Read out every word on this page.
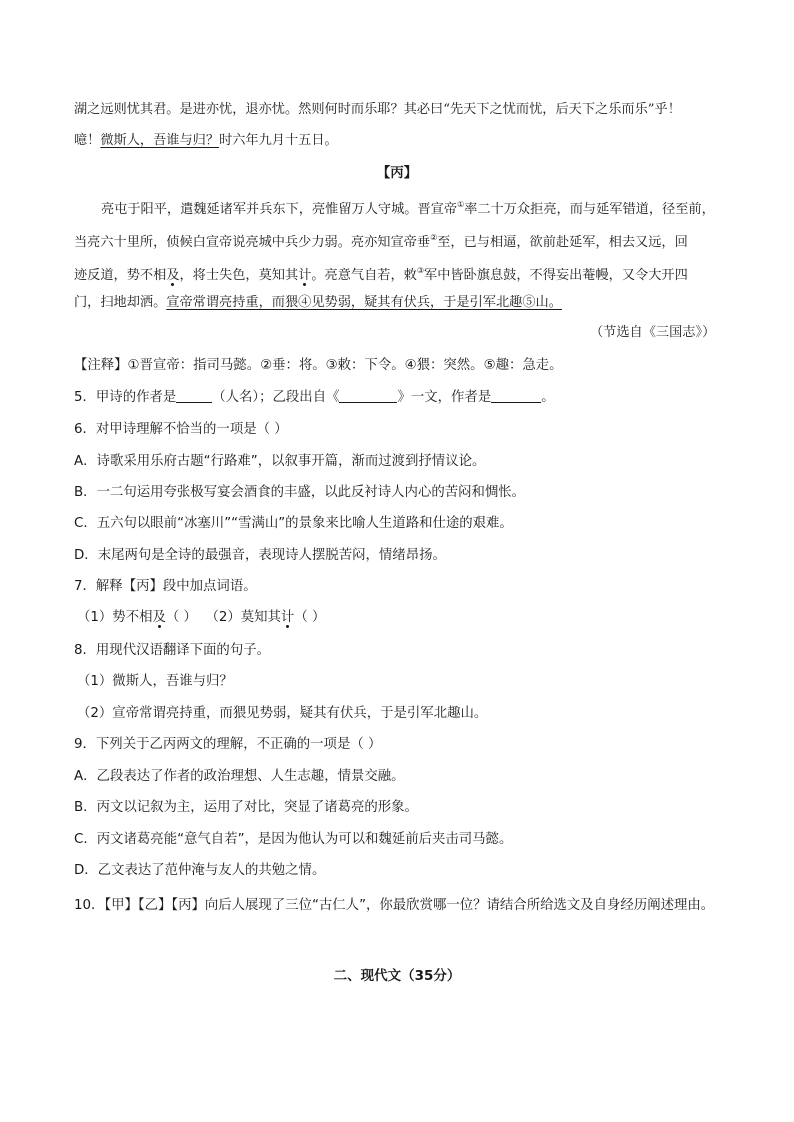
湖之远则忧其君。是进亦忧，退亦忧。然则何时而乐耶？其必曰“先天下之忧而忧，后天下之乐而乐”乎！
噫！微斯人，吾谁与归？时六年九月十五日。
【丙】
亮屯于阳平，遣魏延诸军并兵东下，亮惟留万人守城。晋宣帝①率二十万众拒亮，而与延军错道，径至前，
当亮六十里所，侦候白宣帝说亮城中兵少力弱。亮亦知宣帝垂②至，已与相逼，欲前赴延军，相去又远，回
迹反道，势不相及，将士失色，莫知其计。亮意气自若，敕③军中皆卧旗息鼓，不得妄出菴幔，又令大开四
门，扫地却洒。宣帝常谓亮持重，而猥④见势弱，疑其有伏兵，于是引军北趣⑤山。
（节选自《三国志》）
【注释】①晋宣帝：指司马懿。②垂：将。③敕：下令。④猥：突然。⑤趣：急走。
5．甲诗的作者是	（人名）；乙段出自《	》一文，作者是	。
6．对甲诗理解不恰当的一项是（ ）
A．诗歌采用乐府古题“行路难”，以叙事开篇，渐而过渡到抒情议论。
B．一二句运用夸张极写宴会酒食的丰盛，以此反衬诗人内心的苦闷和惆怅。
C．五六句以眼前“冰塞川”“雪满山”的景象来比喻人生道路和仕途的艰难。
D．末尾两句是全诗的最强音，表现诗人摆脱苦闷，情绪昂扬。
7．解释【丙】段中加点词语。
（1）势不相及（ ） （2）莫知其计（ ）
8．用现代汉语翻译下面的句子。
（1）微斯人，吾谁与归？
（2）宣帝常谓亮持重，而猥见势弱，疑其有伏兵，于是引军北趣山。
9．下列关于乙丙两文的理解，不正确的一项是（ ）
A．乙段表达了作者的政治理想、人生志趣，情景交融。
B．丙文以记叙为主，运用了对比，突显了诸葛亮的形象。
C．丙文诸葛亮能“意气自若”，是因为他认为可以和魏延前后夹击司马懿。
D．乙文表达了范仲淹与友人的共勉之情。
10．【甲】【乙】【丙】向后人展现了三位“古仁人”，你最欣赏哪一位？请结合所给选文及自身经历阐述理由。
二、现代文（35分）
